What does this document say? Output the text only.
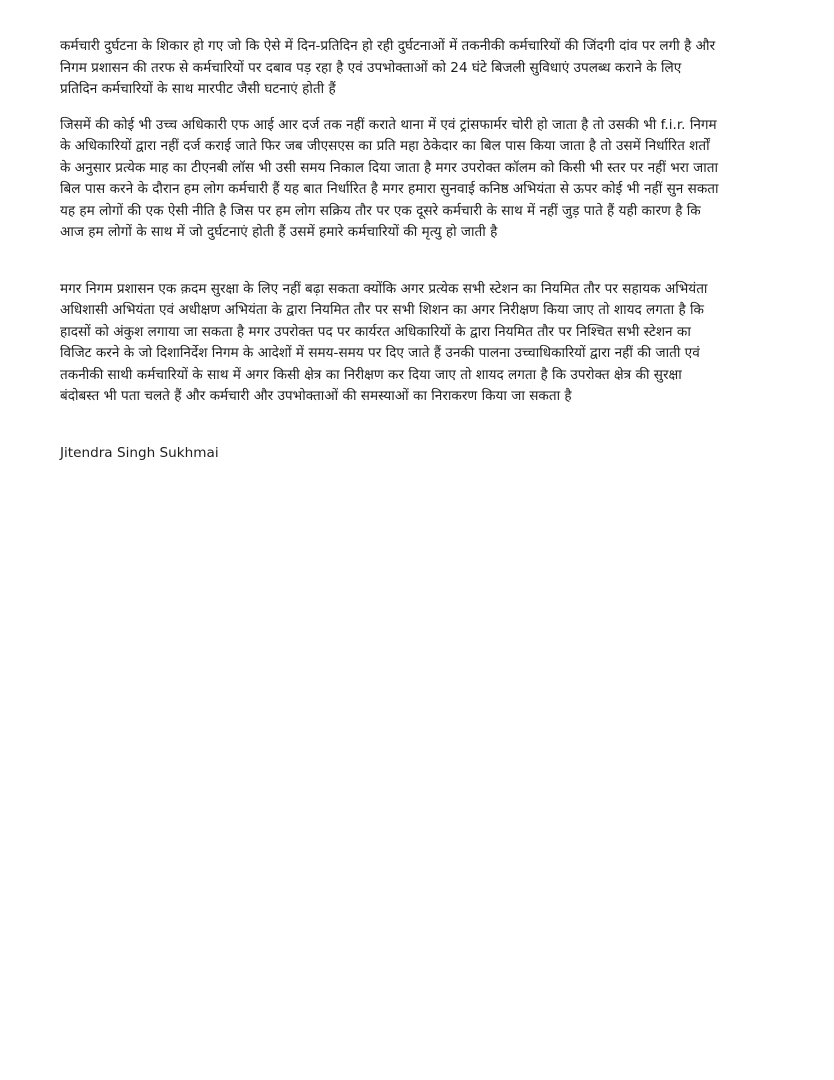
कर्मचारी दुर्घटना के शिकार हो गए जो कि ऐसे में दिन-प्रतिदिन हो रही दुर्घटनाओं में तकनीकी कर्मचारियों की जिंदगी दांव पर लगी है और
निगम प्रशासन की तरफ से कर्मचारियों पर दबाव पड़ रहा है एवं उपभोक्ताओं को 24 घंटे बिजली सुविधाएं उपलब्ध कराने के लिए
प्रतिदिन कर्मचारियों के साथ मारपीट जैसी घटनाएं होती हैं

जिसमें की कोई भी उच्च अधिकारी एफ आई आर दर्ज तक नहीं कराते थाना में एवं ट्रांसफार्मर चोरी हो जाता है तो उसकी भी f.i.r. निगम
के अधिकारियों द्वारा नहीं दर्ज कराई जाते फिर जब जीएसएस का प्रति महा ठेकेदार का बिल पास किया जाता है तो उसमें निर्धारित शर्तों
के अनुसार प्रत्येक माह का टीएनबी लॉस भी उसी समय निकाल दिया जाता है मगर उपरोक्त कॉलम को किसी भी स्तर पर नहीं भरा जाता
बिल पास करने के दौरान हम लोग कर्मचारी हैं यह बात निर्धारित है मगर हमारा सुनवाई कनिष्ठ अभियंता से ऊपर कोई भी नहीं सुन सकता
यह हम लोगों की एक ऐसी नीति है जिस पर हम लोग सक्रिय तौर पर एक दूसरे कर्मचारी के साथ में नहीं जुड़ पाते हैं यही कारण है कि
आज हम लोगों के साथ में जो दुर्घटनाएं होती हैं उसमें हमारे कर्मचारियों की मृत्यु हो जाती है

मगर निगम प्रशासन एक क़दम सुरक्षा के लिए नहीं बढ़ा सकता क्योंकि अगर प्रत्येक सभी स्टेशन का नियमित तौर पर सहायक अभियंता
अधिशासी अभियंता एवं अधीक्षण अभियंता के द्वारा नियमित तौर पर सभी शिशन का अगर निरीक्षण किया जाए तो शायद लगता है कि
हादसों को अंकुश लगाया जा सकता है मगर उपरोक्त पद पर कार्यरत अधिकारियों के द्वारा नियमित तौर पर निश्चित सभी स्टेशन का
विजिट करने के जो दिशानिर्देश निगम के आदेशों में समय-समय पर दिए जाते हैं उनकी पालना उच्चाधिकारियों द्वारा नहीं की जाती एवं
तकनीकी साथी कर्मचारियों के साथ में अगर किसी क्षेत्र का निरीक्षण कर दिया जाए तो शायद लगता है कि उपरोक्त क्षेत्र की सुरक्षा
बंदोबस्त भी पता चलते हैं और कर्मचारी और उपभोक्ताओं की समस्याओं का निराकरण किया जा सकता है

Jitendra Singh Sukhmai
